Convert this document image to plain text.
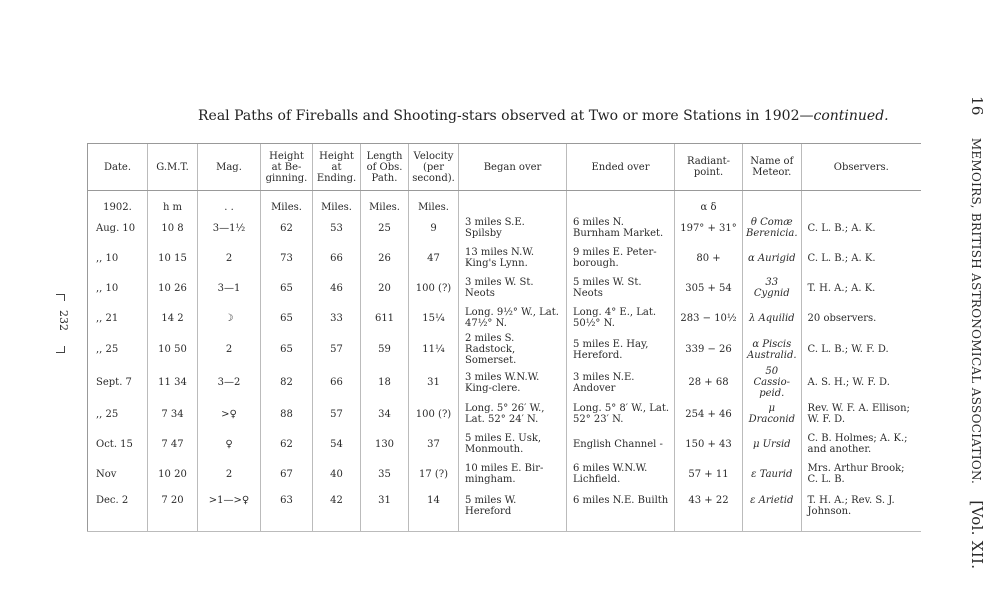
Real Paths of Fireballs and Shooting-stars observed at Two or more Stations in 1902—continued.
232
16 MEMOIRS, BRITISH ASTRONOMICAL ASSOCIATION. [Vol. XII.
Date.	G.M.T.	Mag.	Height at Be- ginning.	Height at Ending.	Length of Obs. Path.	Velocity (per second).	Began over	Ended over	Radiant- point.	Name of Meteor.	Observers.
1902.	h m	. .	Miles.	Miles.	Miles.	Miles.			α δ		
Aug. 10	10 8	3—1½	62	53	25	9	3 miles S.E. Spilsby	6 miles N. Burnham Market.	197° + 31°	θ Comæ Berenicia.	C. L. B.; A. K.
,, 10	10 15	2	73	66	26	47	13 miles N.W. King's Lynn.	9 miles E. Peter- borough.	80 +	α Aurigid	C. L. B.; A. K.
,, 10	10 26	3—1	65	46	20	100 (?)	3 miles W. St. Neots	5 miles W. St. Neots	305 + 54	33 Cygnid	T. H. A.; A. K.
,, 21	14 2	☽	65	33	611	15¼	Long. 9½° W., Lat. 47½° N.	Long. 4° E., Lat. 50½° N.	283 − 10½	λ Aquilid	20 observers.
,, 25	10 50	2	65	57	59	11¼	2 miles S. Radstock, Somerset.	5 miles E. Hay, Hereford.	339 − 26	α Piscis Australid.	C. L. B.; W. F. D.
Sept. 7	11 34	3—2	82	66	18	31	3 miles W.N.W. King-clere.	3 miles N.E. Andover	28 + 68	50 Cassio- peid.	A. S. H.; W. F. D.
,, 25	7 34	>♀	88	57	34	100 (?)	Long. 5° 26′ W., Lat. 52° 24′ N.	Long. 5° 8′ W., Lat. 52° 23′ N.	254 + 46	μ Draconid	Rev. W. F. A. Ellison; W. F. D.
Oct. 15	7 47	♀	62	54	130	37	5 miles E. Usk, Monmouth.	English Channel -	150 + 43	μ Ursid	C. B. Holmes; A. K.; and another.
Nov	10 20	2	67	40	35	17 (?)	10 miles E. Bir- mingham.	6 miles W.N.W. Lichfield.	57 + 11	ε Taurid	Mrs. Arthur Brook; C. L. B.
Dec. 2	7 20	>1—>♀	63	42	31	14	5 miles W. Hereford	6 miles N.E. Builth	43 + 22	ε Arietid	T. H. A.; Rev. S. J. Johnson.
